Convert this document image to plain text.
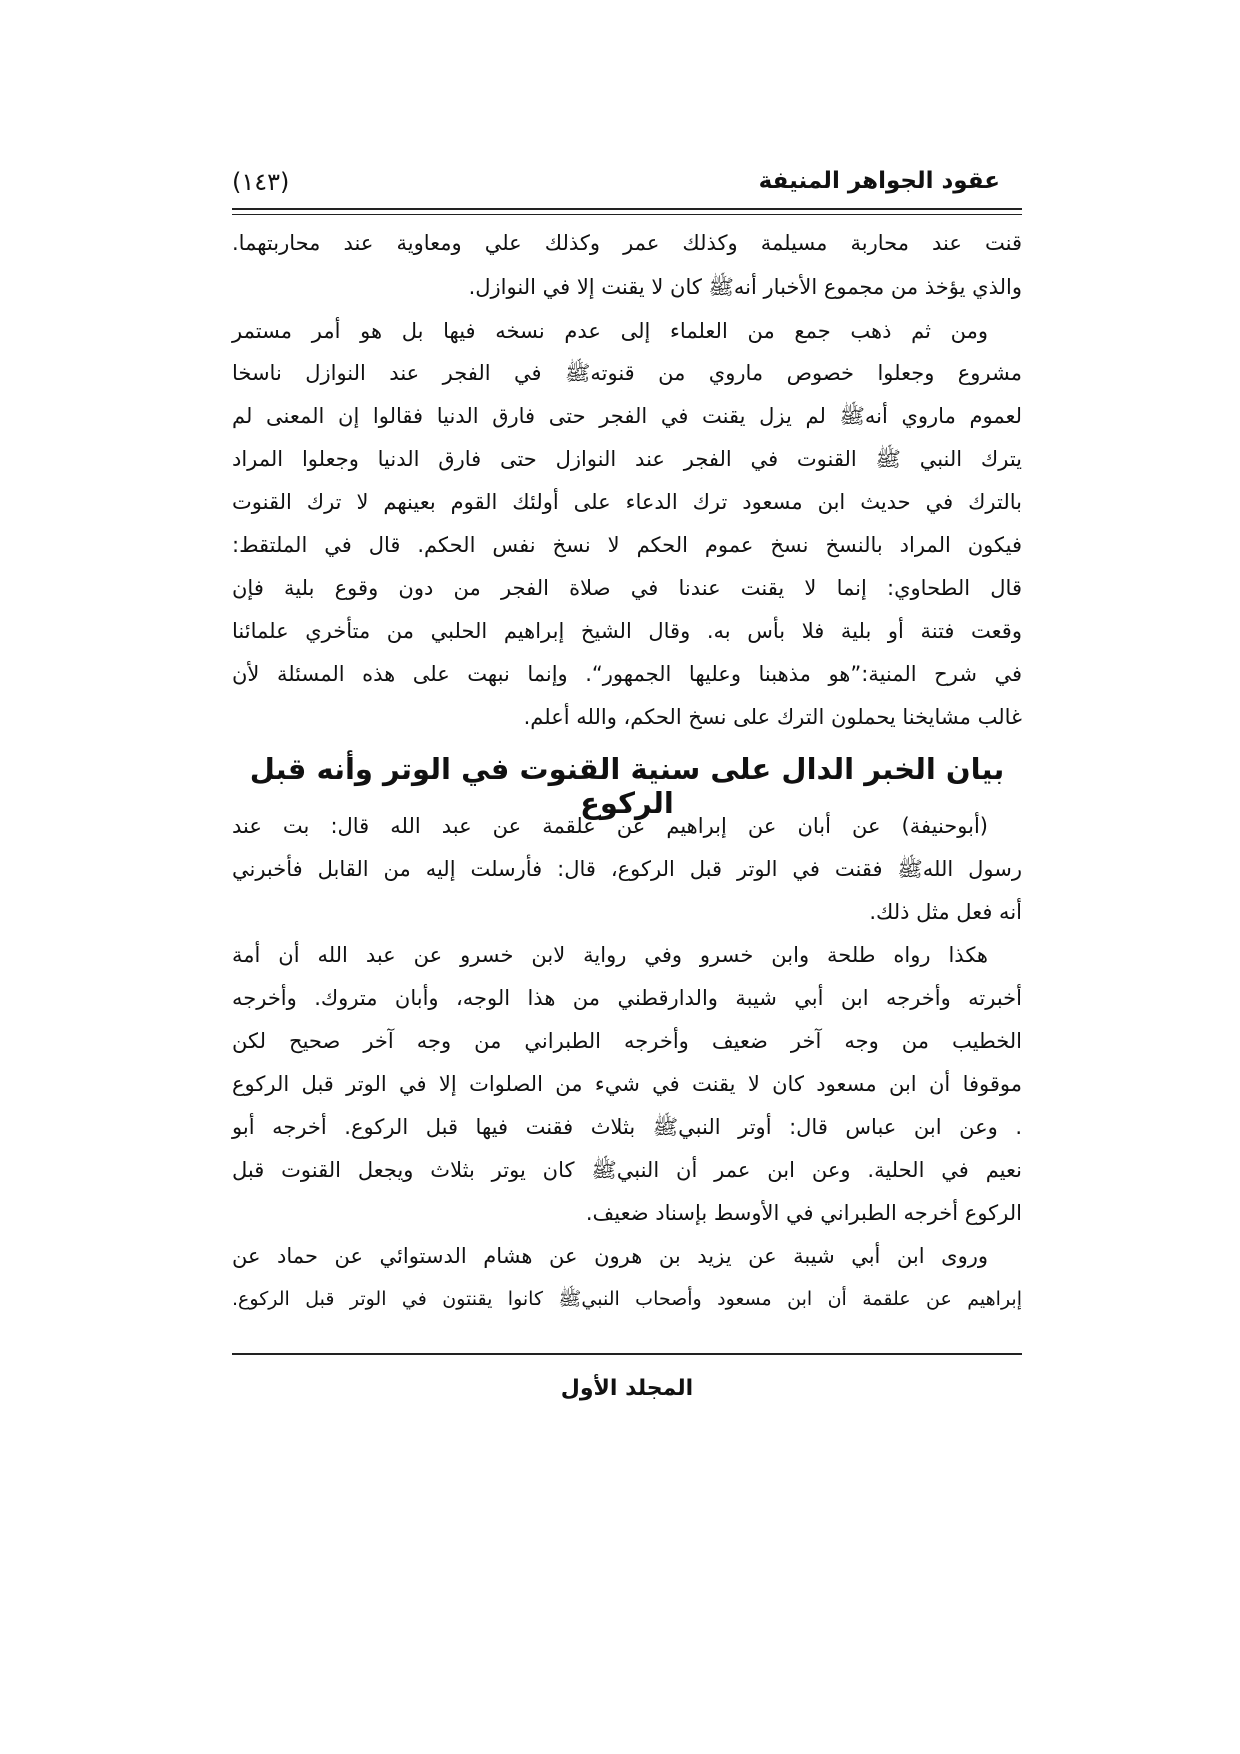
عقود الجواهر المنيفة
(١٤٣)
قنت عند محاربة مسيلمة وكذلك عمر وكذلك علي ومعاوية عند محاربتهما.
والذي يؤخذ من مجموع الأخبار أنهﷺ كان لا يقنت إلا في النوازل.
ومن ثم ذهب جمع من العلماء إلى عدم نسخه فيها بل هو أمر مستمر
مشروع وجعلوا خصوص ماروي من قنوتهﷺ في الفجر عند النوازل ناسخا
لعموم ماروي أنهﷺ لم يزل يقنت في الفجر حتى فارق الدنيا فقالوا إن المعنى لم
يترك النبي ﷺ القنوت في الفجر عند النوازل حتى فارق الدنيا وجعلوا المراد
بالترك في حديث ابن مسعود ترك الدعاء على أولئك القوم بعينهم لا ترك القنوت
فيكون المراد بالنسخ نسخ عموم الحكم لا نسخ نفس الحكم. قال في الملتقط:
قال الطحاوي: إنما لا يقنت عندنا في صلاة الفجر من دون وقوع بلية فإن
وقعت فتنة أو بلية فلا بأس به. وقال الشيخ إبراهيم الحلبي من متأخري علمائنا
في شرح المنية:”هو مذهبنا وعليها الجمهور“. وإنما نبهت على هذه المسئلة لأن
غالب مشايخنا يحملون الترك على نسخ الحكم، والله أعلم.
بيان الخبر الدال على سنية القنوت في الوتر وأنه قبل الركوع
(أبوحنيفة) عن أبان عن إبراهيم عن علقمة عن عبد الله قال: بت عند
رسول اللهﷺ فقنت في الوتر قبل الركوع، قال: فأرسلت إليه من القابل فأخبرني
أنه فعل مثل ذلك.
هكذا رواه طلحة وابن خسرو وفي رواية لابن خسرو عن عبد الله أن أمة
أخبرته وأخرجه ابن أبي شيبة والدارقطني من هذا الوجه، وأبان متروك. وأخرجه
الخطيب من وجه آخر ضعيف وأخرجه الطبراني من وجه آخر صحيح لكن
موقوفا أن ابن مسعود كان لا يقنت في شيء من الصلوات إلا في الوتر قبل الركوع
. وعن ابن عباس قال: أوتر النبيﷺ بثلاث فقنت فيها قبل الركوع. أخرجه أبو
نعيم في الحلية. وعن ابن عمر أن النبيﷺ كان يوتر بثلاث ويجعل القنوت قبل
الركوع أخرجه الطبراني في الأوسط بإسناد ضعيف.
وروى ابن أبي شيبة عن يزيد بن هرون عن هشام الدستوائي عن حماد عن
إبراهيم عن علقمة أن ابن مسعود وأصحاب النبيﷺ كانوا يقنتون في الوتر قبل الركوع.
المجلد الأول
